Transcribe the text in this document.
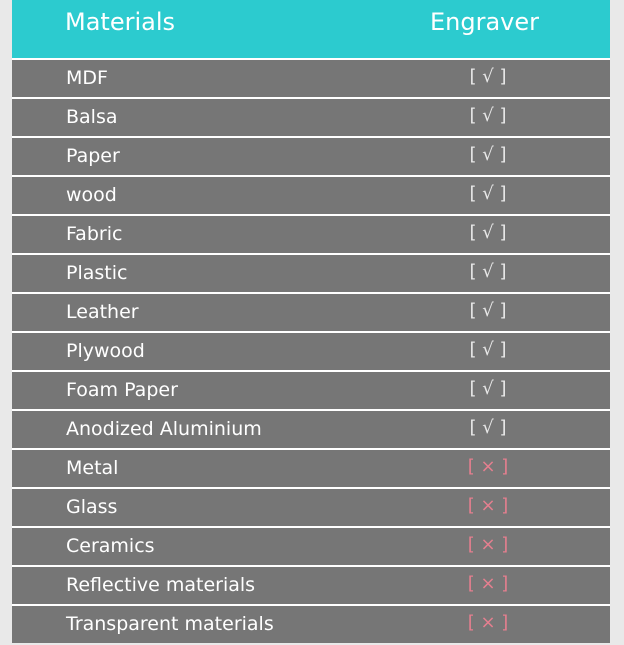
Materials	Engraver
MDF	[ √ ]
Balsa	[ √ ]
Paper	[ √ ]
wood	[ √ ]
Fabric	[ √ ]
Plastic	[ √ ]
Leather	[ √ ]
Plywood	[ √ ]
Foam Paper	[ √ ]
Anodized Aluminium	[ √ ]
Metal	[ × ]
Glass	[ × ]
Ceramics	[ × ]
Reflective materials	[ × ]
Transparent materials	[ × ]
